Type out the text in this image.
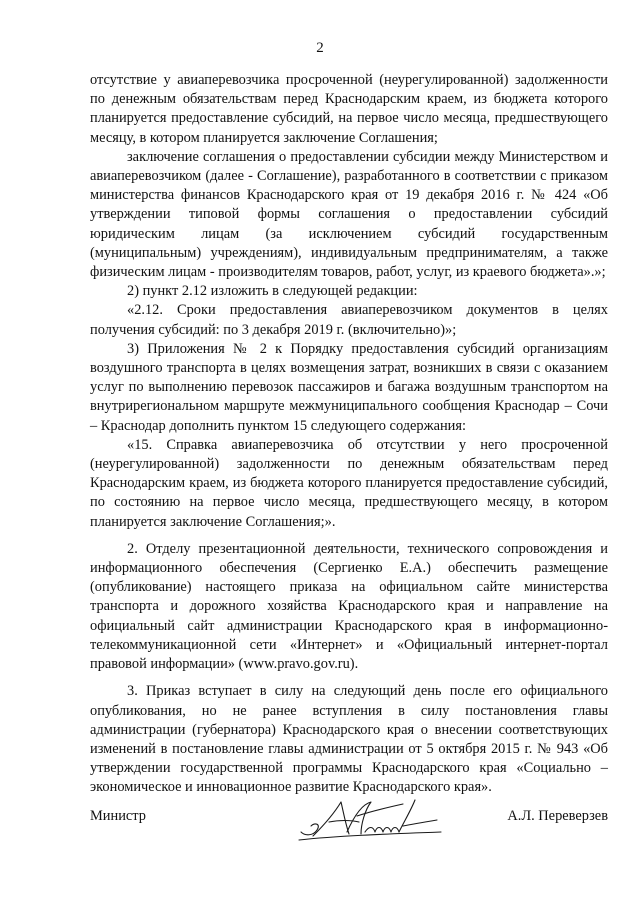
2

отсутствие у авиаперевозчика просроченной (неурегулированной) задолженности по денежным обязательствам перед Краснодарским краем, из бюджета которого планируется предоставление субсидий, на первое число месяца, предшествующего месяцу, в котором планируется заключение Соглашения;

заключение соглашения о предоставлении субсидии между Министерством и авиаперевозчиком (далее - Соглашение), разработанного в соответствии с приказом министерства финансов Краснодарского края от 19 декабря 2016 г. № 424 «Об утверждении типовой формы соглашения о предоставлении субсидий юридическим лицам (за исключением субсидий государственным (муниципальным) учреждениям), индивидуальным предпринимателям, а также физическим лицам - производителям товаров, работ, услуг, из краевого бюджета».»;

2) пункт 2.12 изложить в следующей редакции:

«2.12. Сроки предоставления авиаперевозчиком документов в целях получения субсидий: по 3 декабря 2019 г. (включительно)»;

3) Приложения № 2 к Порядку предоставления субсидий организациям воздушного транспорта в целях возмещения затрат, возникших в связи с оказанием услуг по выполнению перевозок пассажиров и багажа воздушным транспортом на внутрирегиональном маршруте межмуниципального сообщения Краснодар – Сочи – Краснодар дополнить пунктом 15 следующего содержания:

«15. Справка авиаперевозчика об отсутствии у него просроченной (неурегулированной) задолженности по денежным обязательствам перед Краснодарским краем, из бюджета которого планируется предоставление субсидий, по состоянию на первое число месяца, предшествующего месяцу, в котором планируется заключение Соглашения;».

2. Отделу презентационной деятельности, технического сопровождения и информационного обеспечения (Сергиенко Е.А.) обеспечить размещение (опубликование) настоящего приказа на официальном сайте министерства транспорта и дорожного хозяйства Краснодарского края и направление на официальный сайт администрации Краснодарского края в информационно-телекоммуникационной сети «Интернет» и «Официальный интернет-портал правовой информации» (www.pravo.gov.ru).

3. Приказ вступает в силу на следующий день после его официального опубликования, но не ранее вступления в силу постановления главы администрации (губернатора) Краснодарского края о внесении соответствующих изменений в постановление главы администрации от 5 октября 2015 г. № 943 «Об утверждении государственной программы Краснодарского края «Социально – экономическое и инновационное развитие Краснодарского края».

Министр	А.Л. Переверзев
